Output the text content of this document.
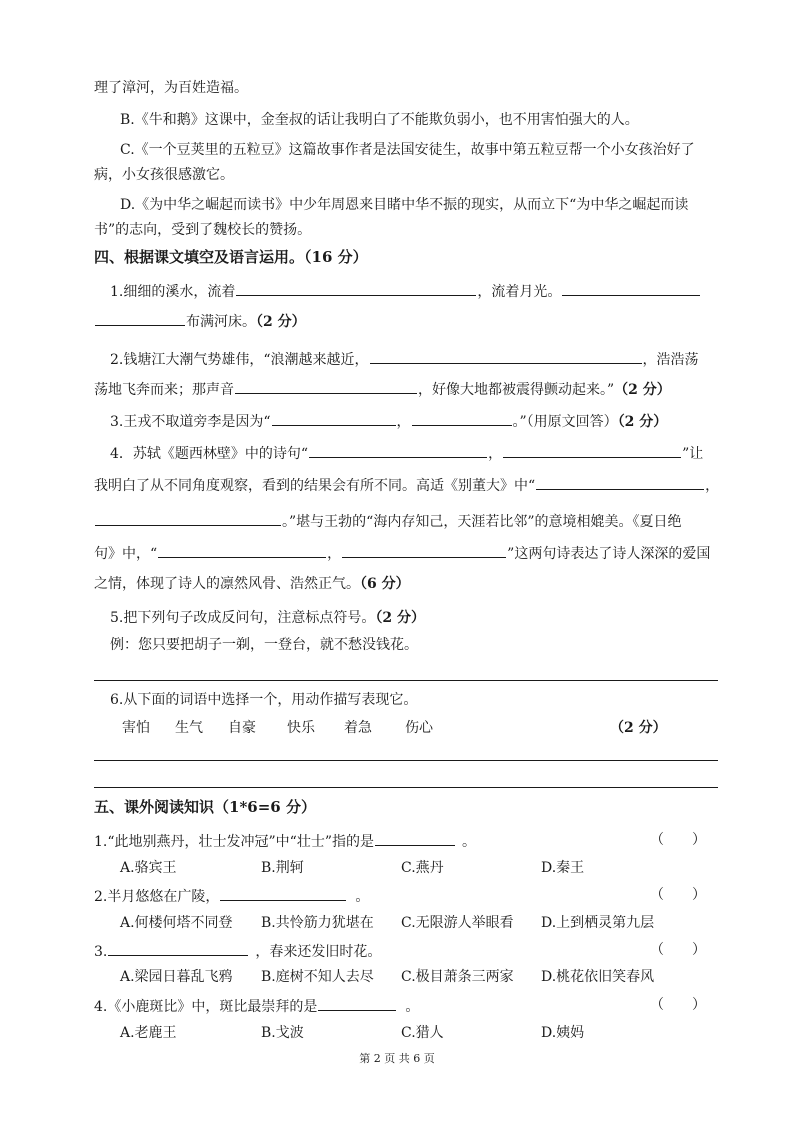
理了漳河，为百姓造福。
B.《牛和鹅》这课中，金奎叔的话让我明白了不能欺负弱小，也不用害怕强大的人。
C.《一个豆荚里的五粒豆》这篇故事作者是法国安徒生，故事中第五粒豆帮一个小女孩治好了
病，小女孩很感激它。
D.《为中华之崛起而读书》中少年周恩来目睹中华不振的现实，从而立下“为中华之崛起而读
书”的志向，受到了魏校长的赞扬。
四、根据课文填空及语言运用。（16 分）
1.细细的溪水，流着	，流着月光。
布满河床。（2 分）
2.钱塘江大潮气势雄伟，“浪潮越来越近，	，浩浩荡
荡地飞奔而来；那声音	，好像大地都被震得颤动起来。”（2 分）
3.王戎不取道旁李是因为“	，	。”（用原文回答）（2 分）
4．苏轼《题西林壁》中的诗句“	，	”让
我明白了从不同角度观察，看到的结果会有所不同。高适《别董大》中“	，
。”堪与王勃的“海内存知己，天涯若比邻”的意境相媲美。《夏日绝
句》中，“	，	”这两句诗表达了诗人深深的爱国
之情，体现了诗人的凛然风骨、浩然正气。（6 分）
5.把下列句子改成反问句，注意标点符号。（2 分）
例：您只要把胡子一剃，一登台，就不愁没钱花。
6.从下面的词语中选择一个，用动作描写表现它。
害怕 生气 自豪 快乐 着急 伤心	（2 分）
五、课外阅读知识（1*6=6 分）
1.“此地别燕丹，壮士发冲冠”中“壮士”指的是	。	（　　）
A.骆宾王	B.荆轲	C.燕丹	D.秦王
2.半月悠悠在广陵，	。	（　　）
A.何楼何塔不同登 B.共怜筋力犹堪在 C.无限游人举眼看 D.上到栖灵第九层
3.	，春来还发旧时花。	（　　）
A.梁园日暮乱飞鸦 B.庭树不知人去尽 C.极目萧条三两家 D.桃花依旧笑春风
4.《小鹿斑比》中，斑比最崇拜的是	。	（　　）
A.老鹿王	B.戈波	C.猎人	D.姨妈
第 2 页 共 6 页
